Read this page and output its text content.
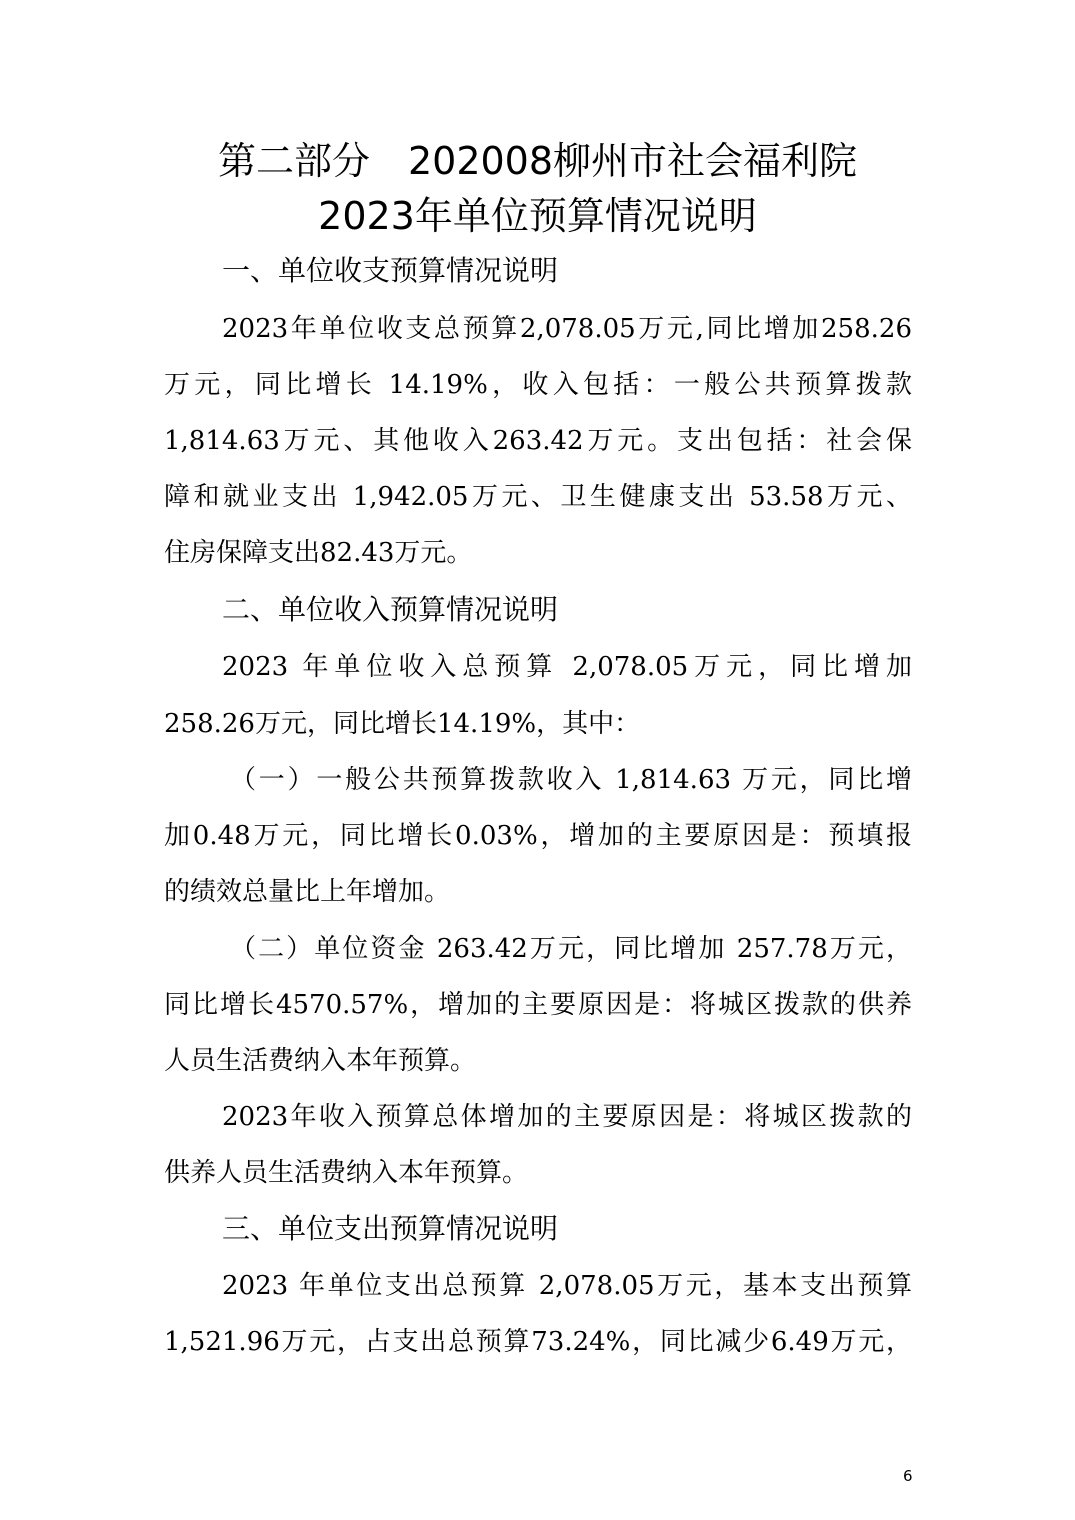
第二部分　202008柳州市社会福利院
2023年单位预算情况说明
一、单位收支预算情况说明
2023年单位收支总预算2,078.05万元,同比增加258.26
万元，同比增长 14.19%，收入包括：一般公共预算拨款
1,814.63万元、其他收入263.42万元。支出包括：社会保
障和就业支出 1,942.05万元、卫生健康支出 53.58万元、
住房保障支出82.43万元。
二、单位收入预算情况说明
2023 年单位收入总预算 2,078.05万元，同比增加
258.26万元，同比增长14.19%，其中：
（一）一般公共预算拨款收入 1,814.63 万元，同比增
加0.48万元，同比增长0.03%，增加的主要原因是：预填报
的绩效总量比上年增加。
（二）单位资金 263.42万元，同比增加 257.78万元，
同比增长4570.57%，增加的主要原因是：将城区拨款的供养
人员生活费纳入本年预算。
2023年收入预算总体增加的主要原因是：将城区拨款的
供养人员生活费纳入本年预算。
三、单位支出预算情况说明
2023 年单位支出总预算 2,078.05万元，基本支出预算
1,521.96万元，占支出总预算73.24%，同比减少6.49万元，
6
